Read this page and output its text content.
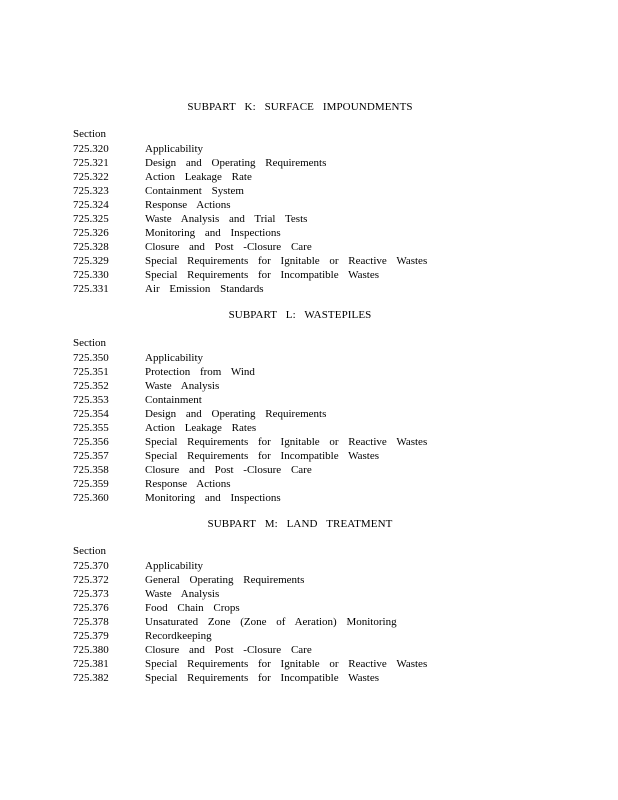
SUBPART K: SURFACE IMPOUNDMENTS
Section
SUBPART L: WASTEPILES
Section
SUBPART M: LAND TREATMENT
Section
725.320	Applicability
725.321	Design and Operating Requirements
725.322	Action Leakage Rate
725.323	Containment System
725.324	Response Actions
725.325	Waste Analysis and Trial Tests
725.326	Monitoring and Inspections
725.328	Closure and Post -Closure Care
725.329	Special Requirements for Ignitable or Reactive Wastes
725.330	Special Requirements for Incompatible Wastes
725.331	Air Emission Standards
725.350	Applicability
725.351	Protection from Wind
725.352	Waste Analysis
725.353	Containment
725.354	Design and Operating Requirements
725.355	Action Leakage Rates
725.356	Special Requirements for Ignitable or Reactive Wastes
725.357	Special Requirements for Incompatible Wastes
725.358	Closure and Post -Closure Care
725.359	Response Actions
725.360	Monitoring and Inspections
725.370	Applicability
725.372	General Operating Requirements
725.373	Waste Analysis
725.376	Food Chain Crops
725.378	Unsaturated Zone (Zone of Aeration) Monitoring
725.379	Recordkeeping
725.380	Closure and Post -Closure Care
725.381	Special Requirements for Ignitable or Reactive Wastes
725.382	Special Requirements for Incompatible Wastes
